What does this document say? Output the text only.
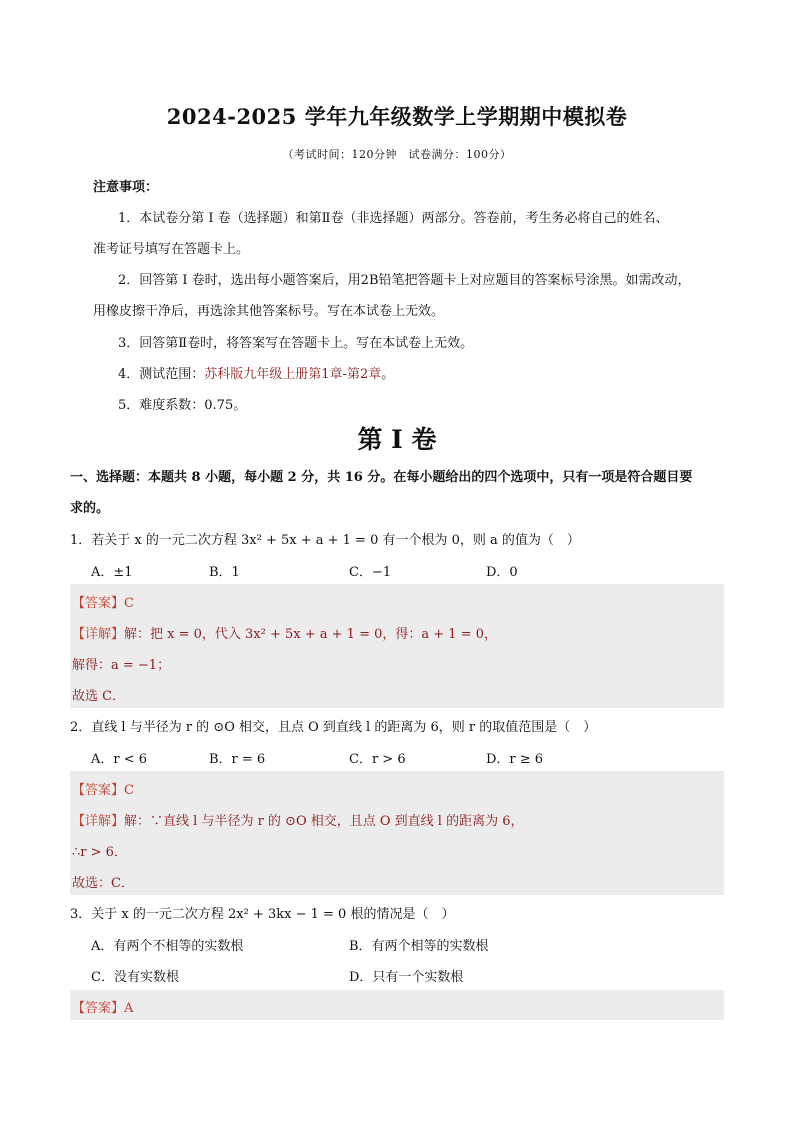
2024-2025 学年九年级数学上学期期中模拟卷
（考试时间：120分钟　试卷满分：100分）
注意事项：
1．本试卷分第 I 卷（选择题）和第Ⅱ卷（非选择题）两部分。答卷前，考生务必将自己的姓名、
准考证号填写在答题卡上。
2．回答第 I 卷时，选出每小题答案后，用2B铅笔把答题卡上对应题目的答案标号涂黑。如需改动，
用橡皮擦干净后，再选涂其他答案标号。写在本试卷上无效。
3．回答第Ⅱ卷时，将答案写在答题卡上。写在本试卷上无效。
4．测试范围：苏科版九年级上册第1章-第2章。
5．难度系数：0.75。
第 I 卷
一、选择题：本题共 8 小题，每小题 2 分，共 16 分。在每小题给出的四个选项中，只有一项是符合题目要
求的。
1．若关于 x 的一元二次方程 3x² + 5x + a + 1 = 0 有一个根为 0，则 a 的值为（　）
A．±1	B．1	C．−1	D．0
【答案】C
【详解】解：把 x = 0，代入 3x² + 5x + a + 1 = 0，得：a + 1 = 0，
解得：a = −1；
故选 C．
2．直线 l 与半径为 r 的 ⊙O 相交，且点 O 到直线 l 的距离为 6，则 r 的取值范围是（　）
A．r < 6	B．r = 6	C．r > 6	D．r ≥ 6
【答案】C
【详解】解：∵直线 l 与半径为 r 的 ⊙O 相交，且点 O 到直线 l 的距离为 6，
∴r > 6．
故选：C．
3．关于 x 的一元二次方程 2x² + 3kx − 1 = 0 根的情况是（　）
A．有两个不相等的实数根	B．有两个相等的实数根
C．没有实数根	D．只有一个实数根
【答案】A
